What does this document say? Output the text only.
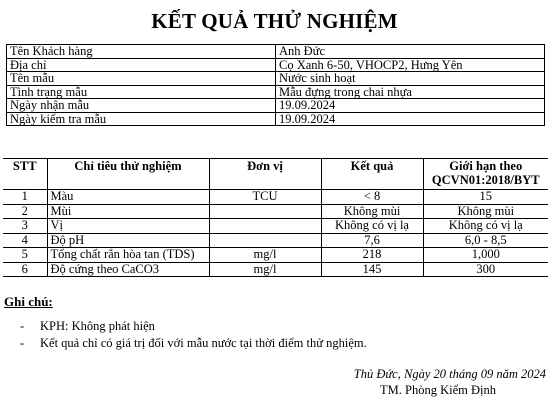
KẾT QUẢ THỬ NGHIỆM
Tên Khách hàng	Anh Đức
Địa chỉ	Cọ Xanh 6-50, VHOCP2, Hưng Yên
Tên mẫu	Nước sinh hoạt
Tình trạng mẫu	Mẫu đựng trong chai nhựa
Ngày nhận mẫu	19.09.2024
Ngày kiểm tra mẫu	19.09.2024
STT	Chỉ tiêu thử nghiệm	Đơn vị	Kết quả	Giới hạn theo
QCVN01:2018/BYT
1	Màu	TCU	< 8	15
2	Mùi		Không mùi	Không mùi
3	Vị		Không có vị lạ	Không có vị lạ
4	Độ pH		7,6	6,0 - 8,5
5	Tổng chất rắn hòa tan (TDS)	mg/l	218	1,000
6	Độ cứng theo CaCO3	mg/l	145	300
Ghi chú:
- KPH: Không phát hiện
- Kết quả chỉ có giá trị đối với mẫu nước tại thời điểm thử nghiệm.
Thủ Đức, Ngày 20 tháng 09 năm 2024
TM. Phòng Kiểm Định
